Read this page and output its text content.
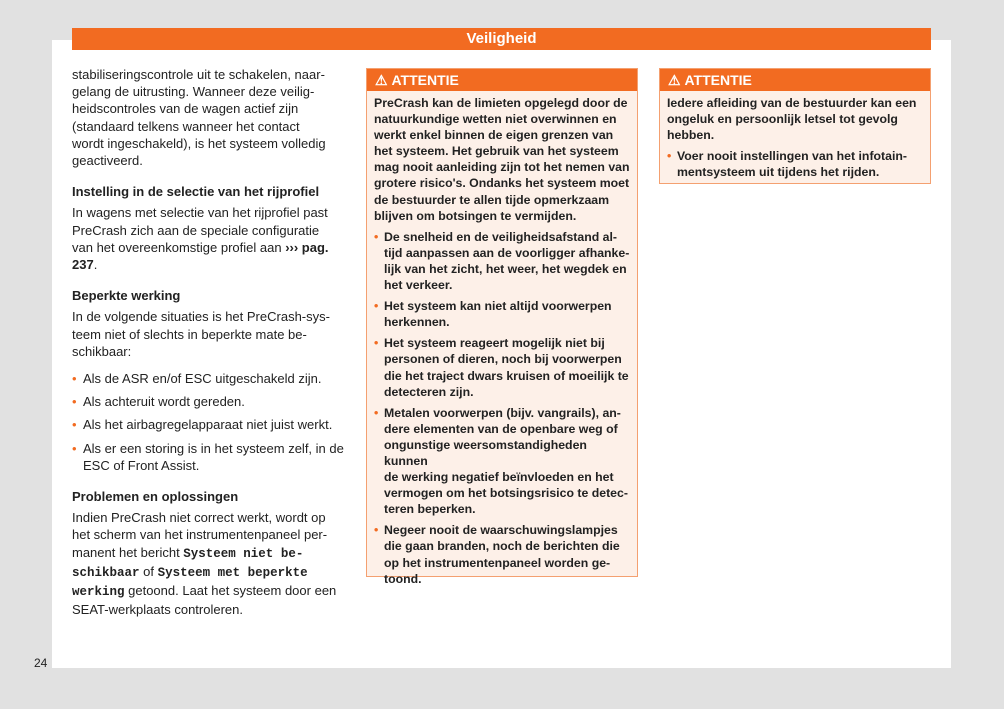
Veiligheid

stabiliseringscontrole uit te schakelen, naar-
gelang de uitrusting. Wanneer deze veilig-
heidscontroles van de wagen actief zijn
(standaard telkens wanneer het contact
wordt ingeschakeld), is het systeem volledig
geactiveerd.

Instelling in de selectie van het rijprofiel

In wagens met selectie van het rijprofiel past
PreCrash zich aan de speciale configuratie
van het overeenkomstige profiel aan ››› pag.
237.

Beperkte werking

In de volgende situaties is het PreCrash-sys-
teem niet of slechts in beperkte mate be-
schikbaar:

• Als de ASR en/of ESC uitgeschakeld zijn.
• Als achteruit wordt gereden.
• Als het airbagregelapparaat niet juist werkt.
• Als er een storing is in het systeem zelf, in de
ESC of Front Assist.
Problemen en oplossingen

Indien PreCrash niet correct werkt, wordt op
het scherm van het instrumentenpaneel per-
manent het bericht Systeem niet be-
schikbaar of Systeem met beperkte
werking getoond. Laat het systeem door een
SEAT-werkplaats controleren.

⚠ ATTENTIE

PreCrash kan de limieten opgelegd door de
natuurkundige wetten niet overwinnen en
werkt enkel binnen de eigen grenzen van
het systeem. Het gebruik van het systeem
mag nooit aanleiding zijn tot het nemen van
grotere risico's. Ondanks het systeem moet
de bestuurder te allen tijde opmerkzaam
blijven om botsingen te vermijden.

• De snelheid en de veiligheidsafstand al-
tijd aanpassen aan de voorligger afhanke-
lijk van het zicht, het weer, het wegdek en
het verkeer.
• Het systeem kan niet altijd voorwerpen
herkennen.
• Het systeem reageert mogelijk niet bij
personen of dieren, noch bij voorwerpen
die het traject dwars kruisen of moeilijk te
detecteren zijn.
• Metalen voorwerpen (bijv. vangrails), an-
dere elementen van de openbare weg of
ongunstige weersomstandigheden kunnen
de werking negatief beïnvloeden en het
vermogen om het botsingsrisico te detec-
teren beperken.
• Negeer nooit de waarschuwingslampjes
die gaan branden, noch de berichten die
op het instrumentenpaneel worden ge-
toond.
⚠ ATTENTIE

Iedere afleiding van de bestuurder kan een
ongeluk en persoonlijk letsel tot gevolg
hebben.

• Voer nooit instellingen van het infotain-
mentsysteem uit tijdens het rijden.
24
